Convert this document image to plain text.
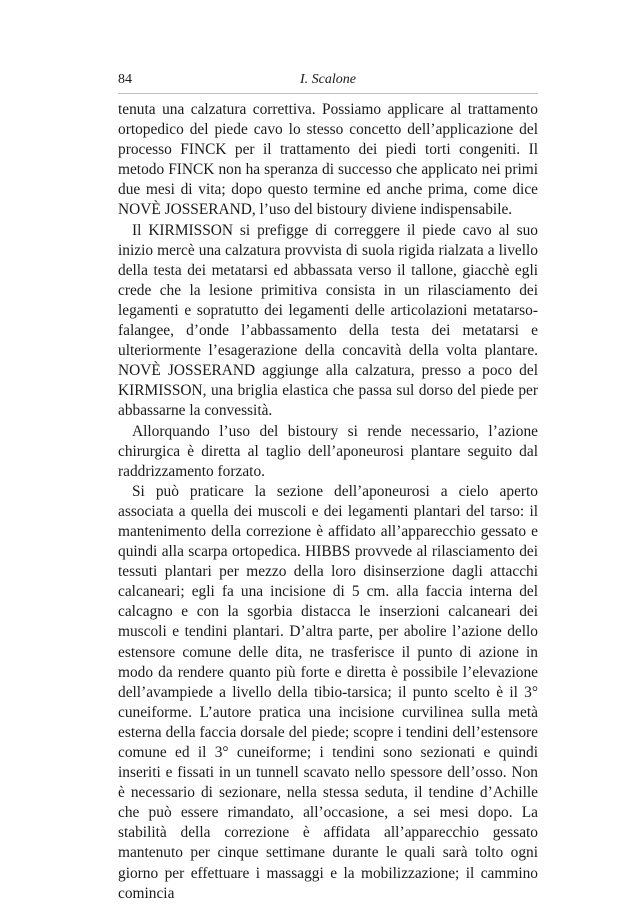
84	I. Scalone

tenuta una calzatura correttiva. Possiamo applicare al trattamento ortopedico del piede cavo lo stesso concetto dell’applicazione del processo FINCK per il trattamento dei piedi torti congeniti. Il metodo FINCK non ha speranza di successo che applicato nei primi due mesi di vita; dopo questo termine ed anche prima, come dice NOVÈ JOSSERAND, l’uso del bistoury diviene indispensabile.

Il KIRMISSON si prefigge di correggere il piede cavo al suo inizio mercè una calzatura provvista di suola rigida rialzata a livello della testa dei metatarsi ed abbassata verso il tallone, giacchè egli crede che la lesione primitiva consista in un rilasciamento dei legamenti e sopratutto dei legamenti delle articolazioni metatarso-falangee, d’onde l’abbassamento della testa dei metatarsi e ulteriormente l’esagerazione della concavità della volta plantare. NOVÈ JOSSERAND aggiunge alla calzatura, presso a poco del KIRMISSON, una briglia elastica che passa sul dorso del piede per abbassarne la convessità.

Allorquando l’uso del bistoury si rende necessario, l’azione chirurgica è diretta al taglio dell’aponeurosi plantare seguito dal raddrizzamento forzato.

Si può praticare la sezione dell’aponeurosi a cielo aperto associata a quella dei muscoli e dei legamenti plantari del tarso: il mantenimento della correzione è affidato all’apparecchio gessato e quindi alla scarpa ortopedica. HIBBS provvede al rilasciamento dei tessuti plantari per mezzo della loro disinserzione dagli attacchi calcaneari; egli fa una incisione di 5 cm. alla faccia interna del calcagno e con la sgorbia distacca le inserzioni calcaneari dei muscoli e tendini plantari. D’altra parte, per abolire l’azione dello estensore comune delle dita, ne trasferisce il punto di azione in modo da rendere quanto più forte e diretta è possibile l’elevazione dell’avampiede a livello della tibio-tarsica; il punto scelto è il 3° cuneiforme. L’autore pratica una incisione curvilinea sulla metà esterna della faccia dorsale del piede; scopre i tendini dell’estensore comune ed il 3° cuneiforme; i tendini sono sezionati e quindi inseriti e fissati in un tunnell scavato nello spessore dell’osso. Non è necessario di sezionare, nella stessa seduta, il tendine d’Achille che può essere rimandato, all’occasione, a sei mesi dopo. La stabilità della correzione è affidata all’apparecchio gessato mantenuto per cinque settimane durante le quali sarà tolto ogni giorno per effettuare i massaggi e la mobilizzazione; il cammino comincia
